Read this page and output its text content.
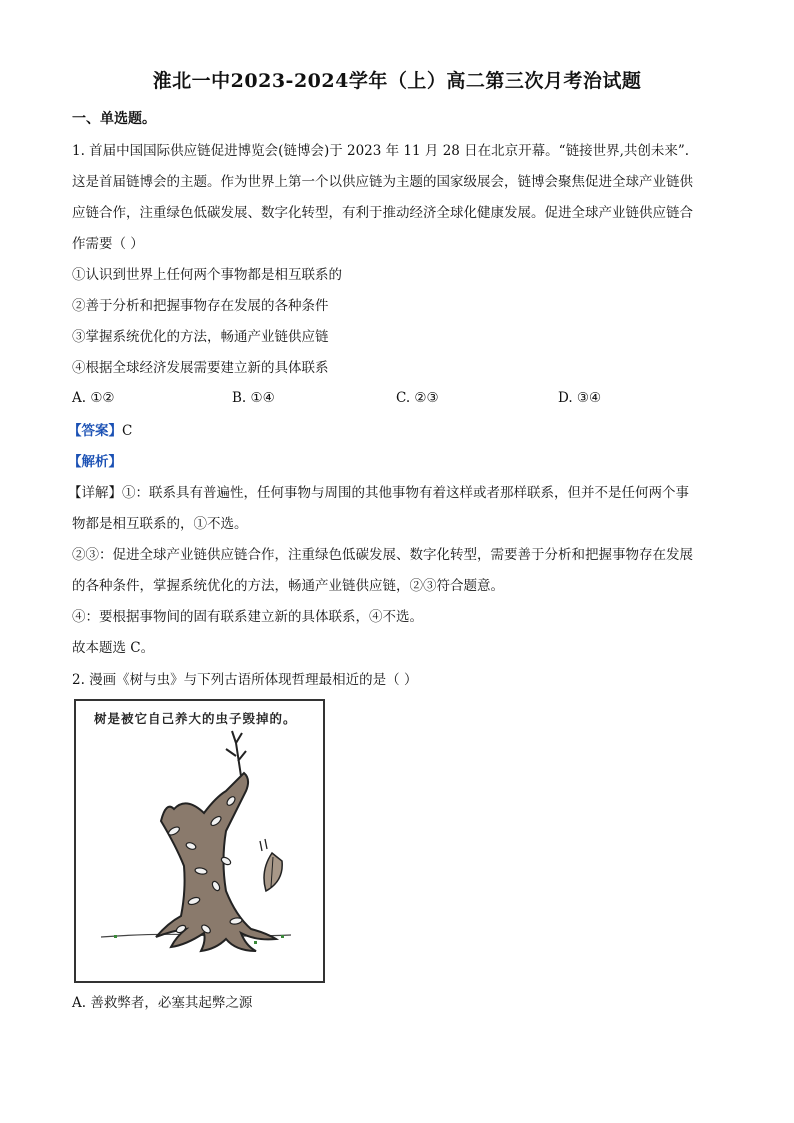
淮北一中2023-2024学年（上）高二第三次月考治试题
一、单选题。
1. 首届中国国际供应链促进博览会(链博会)于 2023 年 11 月 28 日在北京开幕。“链接世界,共创未来”.
这是首届链博会的主题。作为世界上第一个以供应链为主题的国家级展会，链博会聚焦促进全球产业链供
应链合作，注重绿色低碳发展、数字化转型，有利于推动经济全球化健康发展。促进全球产业链供应链合
作需要（ ）
①认识到世界上任何两个事物都是相互联系的
②善于分析和把握事物存在发展的各种条件
③掌握系统优化的方法，畅通产业链供应链
④根据全球经济发展需要建立新的具体联系
A. ①②	B. ①④	C. ②③	D. ③④
【答案】C
【解析】
【详解】①：联系具有普遍性，任何事物与周围的其他事物有着这样或者那样联系，但并不是任何两个事
物都是相互联系的，①不选。
②③：促进全球产业链供应链合作，注重绿色低碳发展、数字化转型，需要善于分析和把握事物存在发展
的各种条件，掌握系统优化的方法，畅通产业链供应链，②③符合题意。
④：要根据事物间的固有联系建立新的具体联系，④不选。
故本题选 C。
2. 漫画《树与虫》与下列古语所体现哲理最相近的是（ ）
树是被它自己养大的虫子毁掉的。
A. 善救弊者，必塞其起弊之源
